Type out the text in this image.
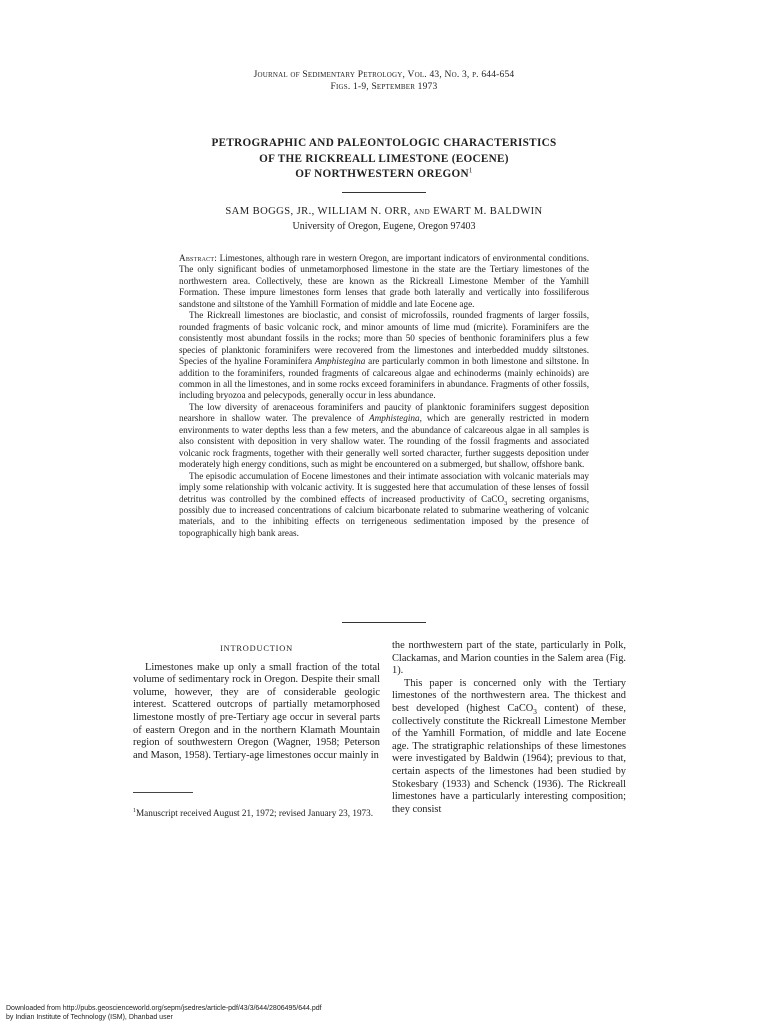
Journal of Sedimentary Petrology, Vol. 43, No. 3, p. 644-654
Figs. 1-9, September 1973
PETROGRAPHIC AND PALEONTOLOGIC CHARACTERISTICS
OF THE RICKREALL LIMESTONE (EOCENE)
OF NORTHWESTERN OREGON$^1$
SAM BOGGS, JR., WILLIAM N. ORR, and EWART M. BALDWIN
University of Oregon, Eugene, Oregon 97403

Abstract: Limestones, although rare in western Oregon, are important indicators of environmental conditions. The only significant bodies of unmetamorphosed limestone in the state are the Tertiary limestones of the northwestern area. Collectively, these are known as the Rickreall Limestone Member of the Yamhill Formation. These impure limestones form lenses that grade both laterally and vertically into fossiliferous sandstone and siltstone of the Yamhill Formation of middle and late Eocene age.

The Rickreall limestones are bioclastic, and consist of microfossils, rounded fragments of larger fossils, rounded fragments of basic volcanic rock, and minor amounts of lime mud (micrite). Foraminifers are the consistently most abundant fossils in the rocks; more than 50 species of benthonic foraminifers plus a few species of planktonic foraminifers were recovered from the limestones and interbedded muddy siltstones. Species of the hyaline Foraminifera Amphistegina are particularly common in both limestone and siltstone. In addition to the foraminifers, rounded fragments of calcareous algae and echinoderms (mainly echinoids) are common in all the limestones, and in some rocks exceed foraminifers in abundance. Fragments of other fossils, including bryozoa and pelecypods, generally occur in less abundance.

The low diversity of arenaceous foraminifers and paucity of planktonic foraminifers suggest deposition nearshore in shallow water. The prevalence of Amphistegina, which are generally restricted in modern environments to water depths less than a few meters, and the abundance of calcareous algae in all samples is also consistent with deposition in very shallow water. The rounding of the fossil fragments and associated volcanic rock fragments, together with their generally well sorted character, further suggests deposition under moderately high energy conditions, such as might be encountered on a submerged, but shallow, offshore bank.

The episodic accumulation of Eocene limestones and their intimate association with volcanic materials may imply some relationship with volcanic activity. It is suggested here that accumulation of these lenses of fossil detritus was controlled by the combined effects of increased productivity of CaCO$_3$ secreting organisms, possibly due to increased concentrations of calcium bicarbonate related to submarine weathering of volcanic materials, and to the inhibiting effects on terrigeneous sedimentation imposed by the presence of topographically high bank areas.

INTRODUCTION

Limestones make up only a small fraction of the total volume of sedimentary rock in Oregon. Despite their small volume, however, they are of considerable geologic interest. Scattered outcrops of partially metamorphosed limestone mostly of pre-Tertiary age occur in several parts of eastern Oregon and in the northern Klamath Mountain region of southwestern Oregon (Wagner, 1958; Peterson and Mason, 1958). Tertiary-age limestones occur mainly in

$^1$Manuscript received August 21, 1972; revised January 23, 1973.

the northwestern part of the state, particularly in Polk, Clackamas, and Marion counties in the Salem area (Fig. 1).

This paper is concerned only with the Tertiary limestones of the northwestern area. The thickest and best developed (highest CaCO$_3$ content) of these, collectively constitute the Rickreall Limestone Member of the Yamhill Formation, of middle and late Eocene age. The stratigraphic relationships of these limestones were investigated by Baldwin (1964); previous to that, certain aspects of the limestones had been studied by Stokesbary (1933) and Schenck (1936). The Rickreall limestones have a particularly interesting composition; they consist

Downloaded from http://pubs.geoscienceworld.org/sepm/jsedres/article-pdf/43/3/644/2806495/644.pdf
by Indian Institute of Technology (ISM), Dhanbad user
